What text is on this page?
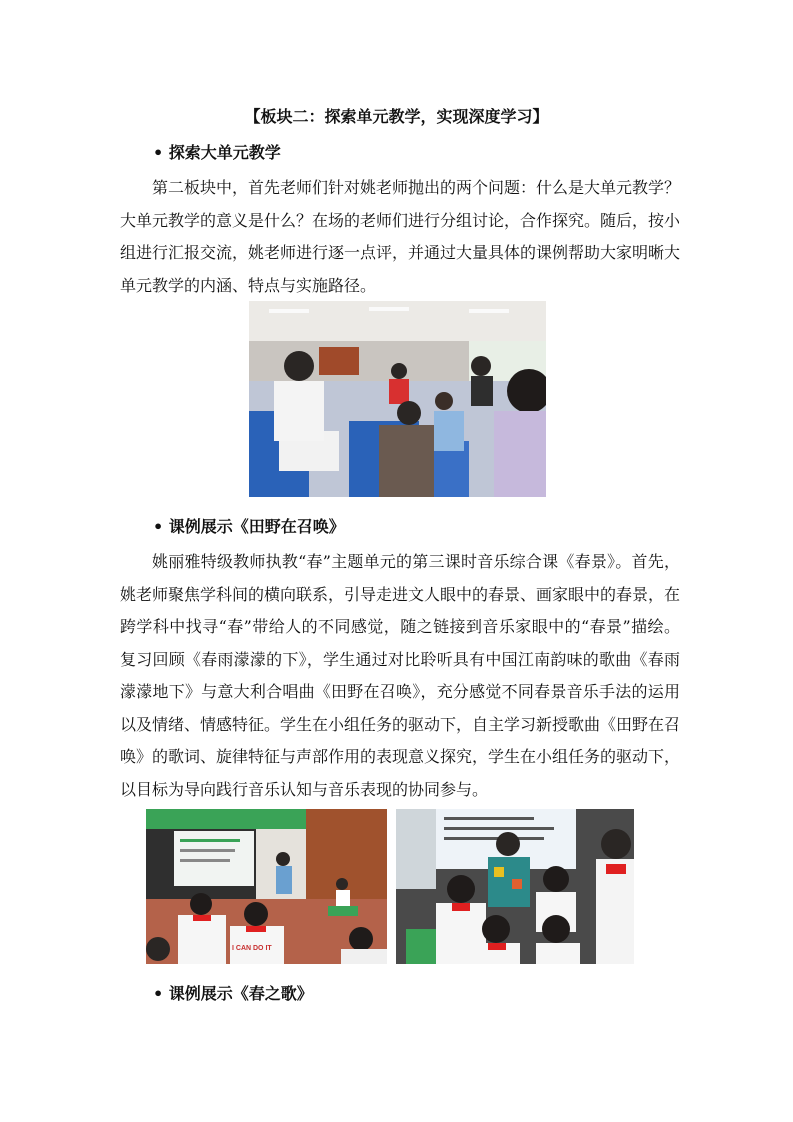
【板块二：探索单元教学，实现深度学习】
• 探索大单元教学
第二板块中，首先老师们针对姚老师抛出的两个问题：什么是大单元教学？大单元教学的意义是什么？在场的老师们进行分组讨论，合作探究。随后，按小组进行汇报交流，姚老师进行逐一点评，并通过大量具体的课例帮助大家明晰大单元教学的内涵、特点与实施路径。
• 课例展示《田野在召唤》
姚丽雅特级教师执教“春”主题单元的第三课时音乐综合课《春景》。首先，姚老师聚焦学科间的横向联系，引导走进文人眼中的春景、画家眼中的春景，在跨学科中找寻“春”带给人的不同感觉，随之链接到音乐家眼中的“春景”描绘。复习回顾《春雨濛濛的下》，学生通过对比聆听具有中国江南韵味的歌曲《春雨濛濛地下》与意大利合唱曲《田野在召唤》，充分感觉不同春景音乐手法的运用以及情绪、情感特征。学生在小组任务的驱动下，自主学习新授歌曲《田野在召唤》的歌词、旋律特征与声部作用的表现意义探究，学生在小组任务的驱动下，以目标为导向践行音乐认知与音乐表现的协同参与。
I CAN DO IT
• 课例展示《春之歌》
